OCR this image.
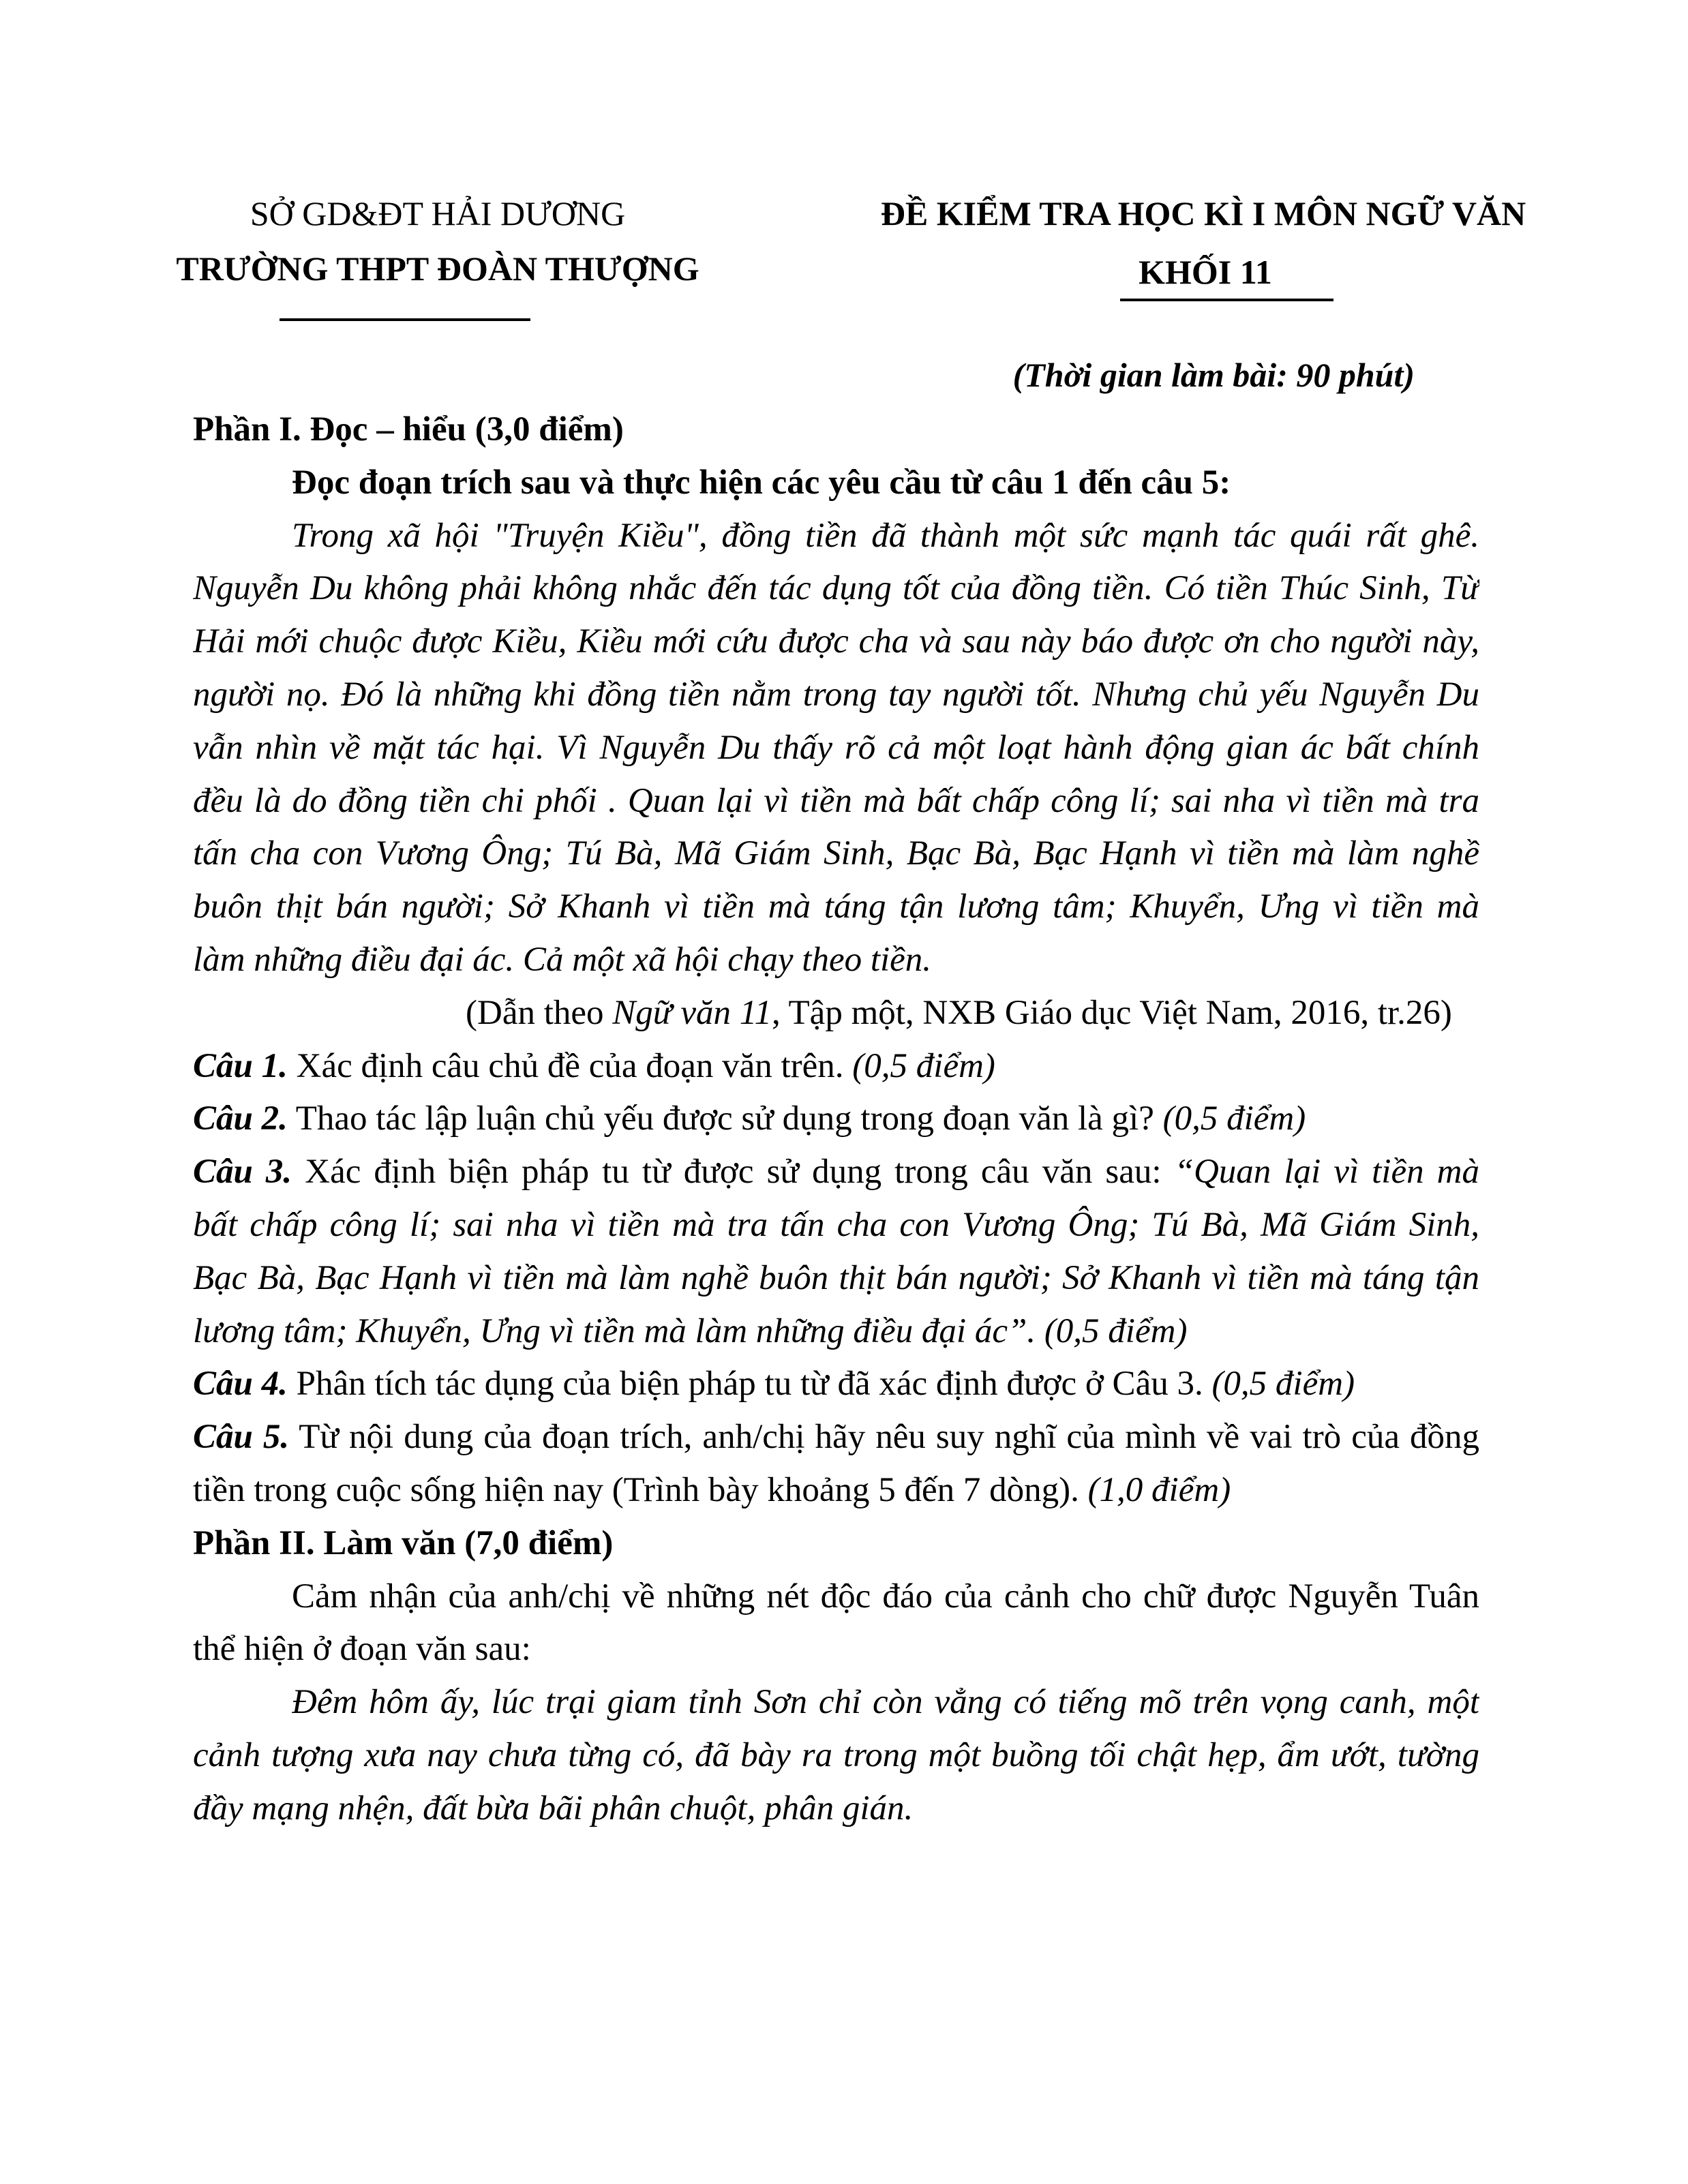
SỞ GD&ĐT HẢI DƯƠNG
TRƯỜNG THPT ĐOÀN THƯỢNG
ĐỀ KIỂM TRA HỌC KÌ I MÔN NGỮ VĂN
KHỐI 11
(Thời gian làm bài: 90 phút)
Phần I. Đọc – hiểu (3,0 điểm)
Đọc đoạn trích sau và thực hiện các yêu cầu từ câu 1 đến câu 5:
Trong xã hội "Truyện Kiều", đồng tiền đã thành một sức mạnh tác quái rất ghê.
Nguyễn Du không phải không nhắc đến tác dụng tốt của đồng tiền. Có tiền Thúc Sinh, Từ
Hải mới chuộc được Kiều, Kiều mới cứu được cha và sau này báo được ơn cho người này,
người nọ. Đó là những khi đồng tiền nằm trong tay người tốt. Nhưng chủ yếu Nguyễn Du
vẫn nhìn về mặt tác hại. Vì Nguyễn Du thấy rõ cả một loạt hành động gian ác bất chính
đều là do đồng tiền chi phối . Quan lại vì tiền mà bất chấp công lí; sai nha vì tiền mà tra
tấn cha con Vương Ông; Tú Bà, Mã Giám Sinh, Bạc Bà, Bạc Hạnh vì tiền mà làm nghề
buôn thịt bán người; Sở Khanh vì tiền mà táng tận lương tâm; Khuyển, Ưng vì tiền mà
làm những điều đại ác. Cả một xã hội chạy theo tiền.
(Dẫn theo Ngữ văn 11, Tập một, NXB Giáo dục Việt Nam, 2016, tr.26)
Câu 1. Xác định câu chủ đề của đoạn văn trên. (0,5 điểm)
Câu 2. Thao tác lập luận chủ yếu được sử dụng trong đoạn văn là gì? (0,5 điểm)
Câu 3. Xác định biện pháp tu từ được sử dụng trong câu văn sau: “Quan lại vì tiền mà
bất chấp công lí; sai nha vì tiền mà tra tấn cha con Vương Ông; Tú Bà, Mã Giám Sinh,
Bạc Bà, Bạc Hạnh vì tiền mà làm nghề buôn thịt bán người; Sở Khanh vì tiền mà táng tận
lương tâm; Khuyển, Ưng vì tiền mà làm những điều đại ác”. (0,5 điểm)
Câu 4. Phân tích tác dụng của biện pháp tu từ đã xác định được ở Câu 3. (0,5 điểm)
Câu 5. Từ nội dung của đoạn trích, anh/chị hãy nêu suy nghĩ của mình về vai trò của đồng
tiền trong cuộc sống hiện nay (Trình bày khoảng 5 đến 7 dòng). (1,0 điểm)
Phần II. Làm văn (7,0 điểm)
Cảm nhận của anh/chị về những nét độc đáo của cảnh cho chữ được Nguyễn Tuân
thể hiện ở đoạn văn sau:
Đêm hôm ấy, lúc trại giam tỉnh Sơn chỉ còn vẳng có tiếng mõ trên vọng canh, một
cảnh tượng xưa nay chưa từng có, đã bày ra trong một buồng tối chật hẹp, ẩm ướt, tường
đầy mạng nhện, đất bừa bãi phân chuột, phân gián.
